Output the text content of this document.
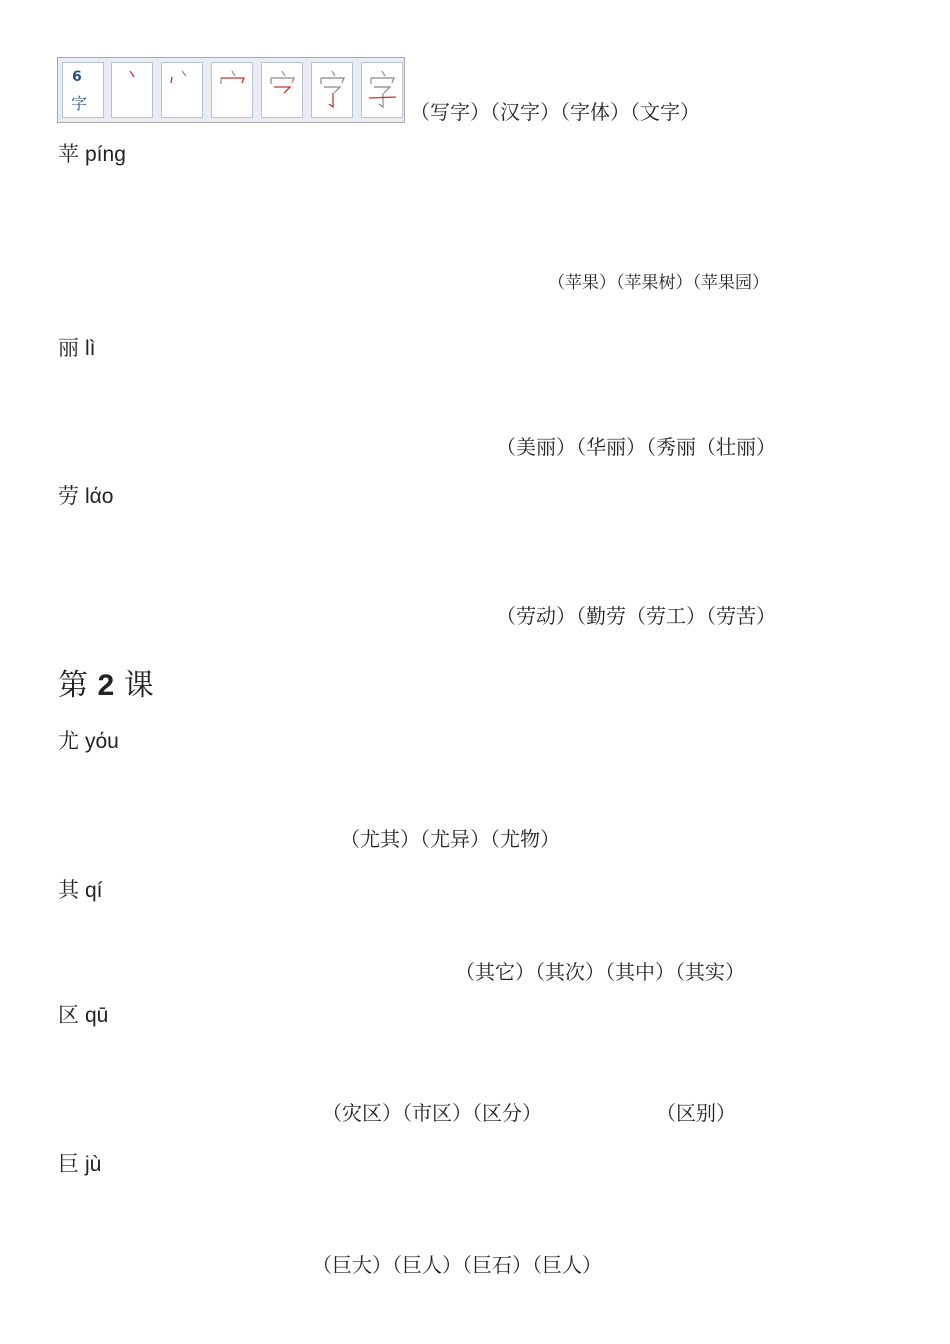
6
字	（写字）（汉字）（字体）（文字）
苹 pínɡ
（苹果）（苹果树）（苹果园）
丽 lì
（美丽）（华丽）（秀丽（壮丽）
劳 lάo
（劳动）（勤劳（劳工）（劳苦）
第 2 课
尤 yόu
（尤其）（尤异）（尤物）
其 qí
（其它）（其次）（其中）（其实）
区 qū
（灾区）（市区）（区分）	（区别）
巨 jù
（巨大）（巨人）（巨石）（巨人）
